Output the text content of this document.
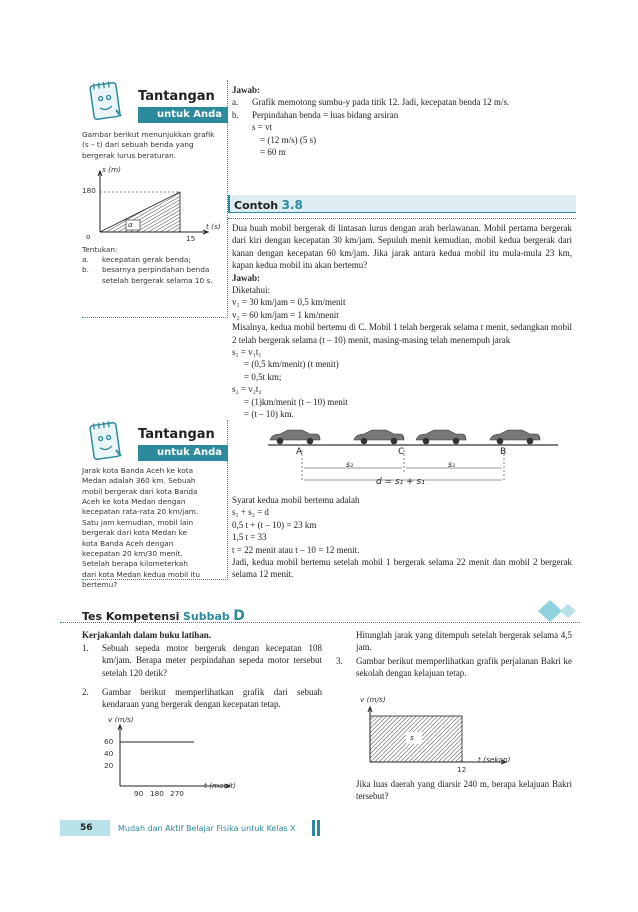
Tantangan
untuk Anda
Gambar berikut menunjukkan grafik (s – t) dari sebuah benda yang bergerak lurus beraturan.
s (m)
180
α	t (s)
o	15
Tentukan:
a.	kecepatan gerak benda;
b.	besarnya perpindahan benda setelah bergerak selama 10 s.
Jawab:
a.	Grafik memotong sumbu-y pada titik 12. Jadi, kecepatan benda 12 m/s.
b.	Perpindahan benda = luas bidang arsiran
s = vt
= (12 m/s) (5 s)
= 60 m
Contoh 3.8
Dua buah mobil bergerak di lintasan lurus dengan arah berlawanan. Mobil pertama bergerak dari kiri dengan kecepatan 30 km/jam. Sepuluh menit kemudian, mobil kedua bergerak dari kanan dengan kecepatan 60 km/jam. Jika jarak antara kedua mobil itu mula-mula 23 km, kapan kedua mobil itu akan bertemu?
Jawab:
Diketahui:
v₁ = 30 km/jam = 0,5 km/menit
v₂ = 60 km/jam = 1 km/menit
Misalnya, kedua mobil bertemu di C. Mobil 1 telah bergerak selama t menit, sedangkan mobil 2 telah bergerak selama (t – 10) menit, masing-masing telah menempuh jarak
s₁ = v₁t₁
= (0,5 km/menit) (t menit)
= 0,5t km;
s₂ = v₂t₂
= (1)km/menit (t – 10) menit
= (t – 10) km.
Tantangan
untuk Anda
Jarak kota Banda Aceh ke kota Medan adalah 360 km. Sebuah mobil bergerak dari kota Banda Aceh ke kota Medan dengan kecepatan rata-rata 20 km/jam. Satu jam kemudian, mobil lain bergerak dari kota Medan ke kota Banda Aceh dengan kecepatan 20 km/30 menit. Setelah berapa kilometerkah dari kota Medan kedua mobil itu bertemu?
A	C	B
s₁	s₁
d = s₁ + s₁
Syarat kedua mobil bertemu adalah
s₁ + s₂ = d
0,5 t + (t – 10) = 23 km
1,5 t = 33
t = 22 menit atau t – 10 = 12 menit.
Jadi, kedua mobil bertemu setelah mobil 1 bergerak selama 22 menit dan mobil 2 bergerak selama 12 menit.
Tes Kompetensi Subbab D
Kerjakanlah dalam buku latihan.
1.	Sebuah sepeda motor bergerak dengan kecepatan 108 km/jam. Berapa meter perpindahan sepeda motor tersebut setelah 120 detik?
2.	Gambar berikut memperlihatkan grafik dari sebuah kendaraan yang bergerak dengan kecepatan tetap.
v (m/s)
60
40
20
90 180 270
t (menit)
Hitunglah jarak yang ditempuh setelah bergerak selama 4,5 jam.
3.	Gambar berikut memperlihatkan grafik perjalanan Bakri ke sekolah dengan kelajuan tetap.
v (m/s)
s
t (sekon)
12
Jika luas daerah yang diarsir 240 m, berapa kelajuan Bakri tersebut?
56	Mudah dan Aktif Belajar Fisika untuk Kelas X
